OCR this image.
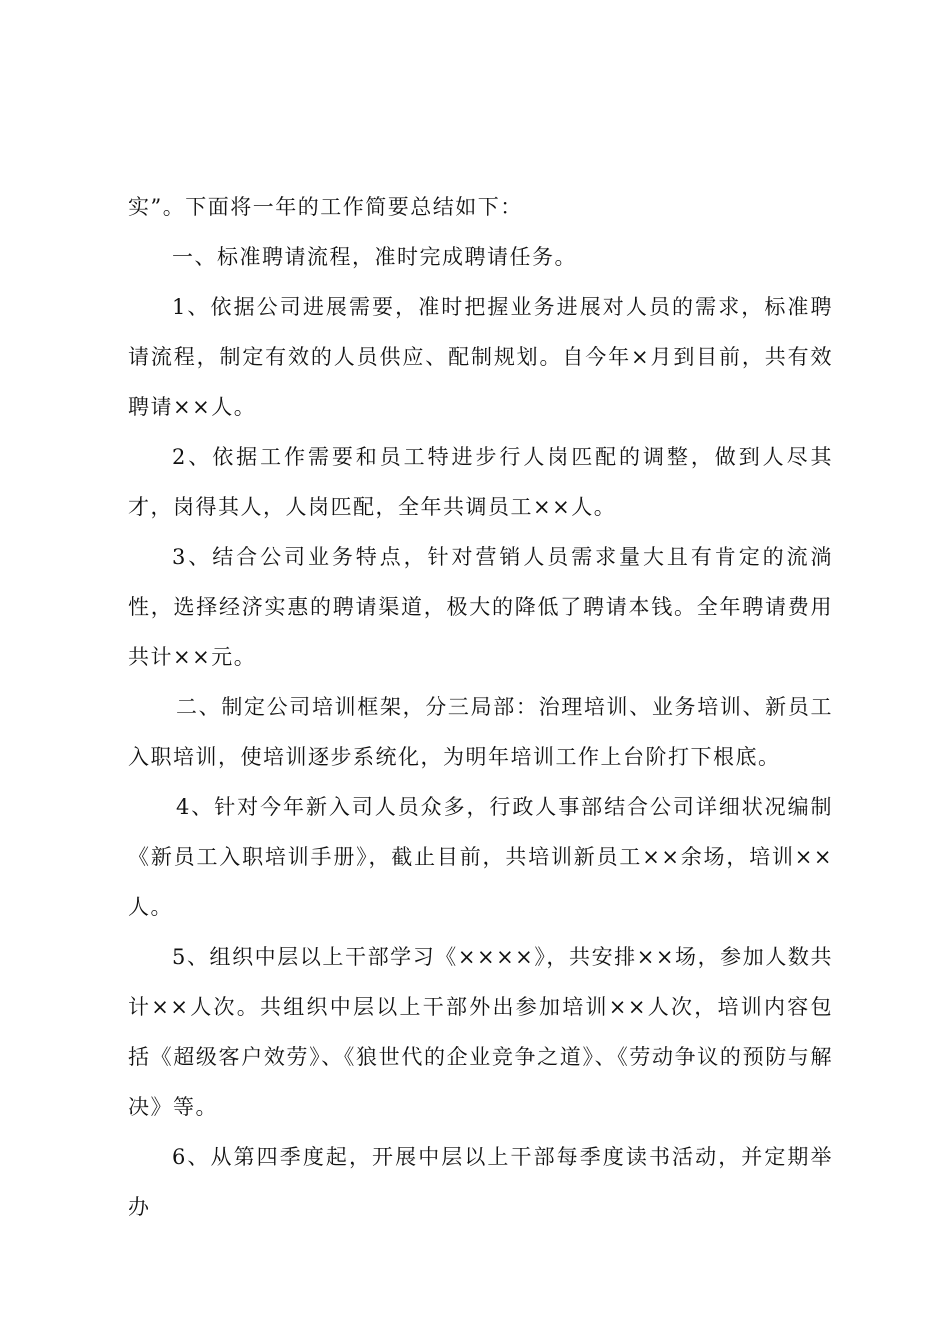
实”。下面将一年的工作简要总结如下：

一、标准聘请流程，准时完成聘请任务。

1、依据公司进展需要，准时把握业务进展对人员的需求，标准聘请流程，制定有效的人员供应、配制规划。自今年×月到目前，共有效聘请××人。

2、依据工作需要和员工特进步行人岗匹配的调整，做到人尽其才，岗得其人，人岗匹配，全年共调员工××人。

3、结合公司业务特点，针对营销人员需求量大且有肯定的流淌性，选择经济实惠的聘请渠道，极大的降低了聘请本钱。全年聘请费用共计××元。

二、制定公司培训框架，分三局部：治理培训、业务培训、新员工入职培训，使培训逐步系统化，为明年培训工作上台阶打下根底。

4、针对今年新入司人员众多，行政人事部结合公司详细状况编制《新员工入职培训手册》，截止目前，共培训新员工××余场，培训××人。

5、组织中层以上干部学习《××××》，共安排××场，参加人数共计××人次。共组织中层以上干部外出参加培训××人次，培训内容包括《超级客户效劳》、《狼世代的企业竞争之道》、《劳动争议的预防与解决》等。

6、从第四季度起，开展中层以上干部每季度读书活动，并定期举办
